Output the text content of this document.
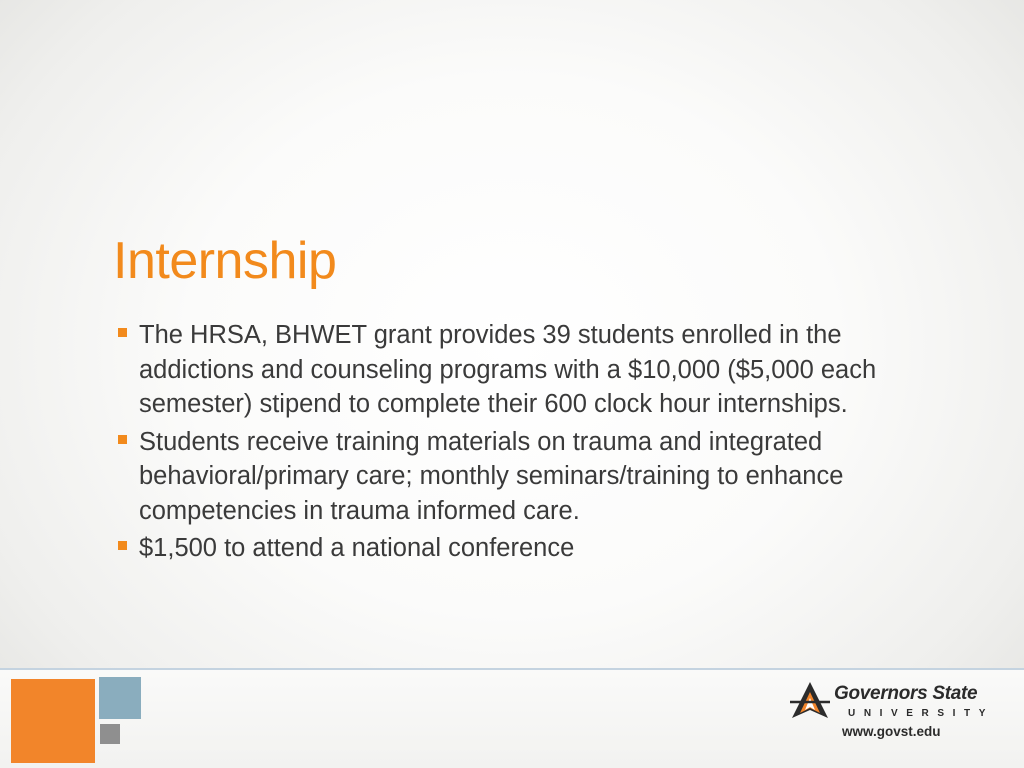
Internship
The HRSA, BHWET grant provides 39 students enrolled in the addictions and counseling programs with a $10,000 ($5,000 each semester) stipend to complete their 600 clock hour internships.
Students receive training materials on trauma and integrated behavioral/primary care; monthly seminars/training to enhance competencies in trauma informed care.
$1,500 to attend a national conference
Governors State
UNIVERSITY
www.govst.edu
